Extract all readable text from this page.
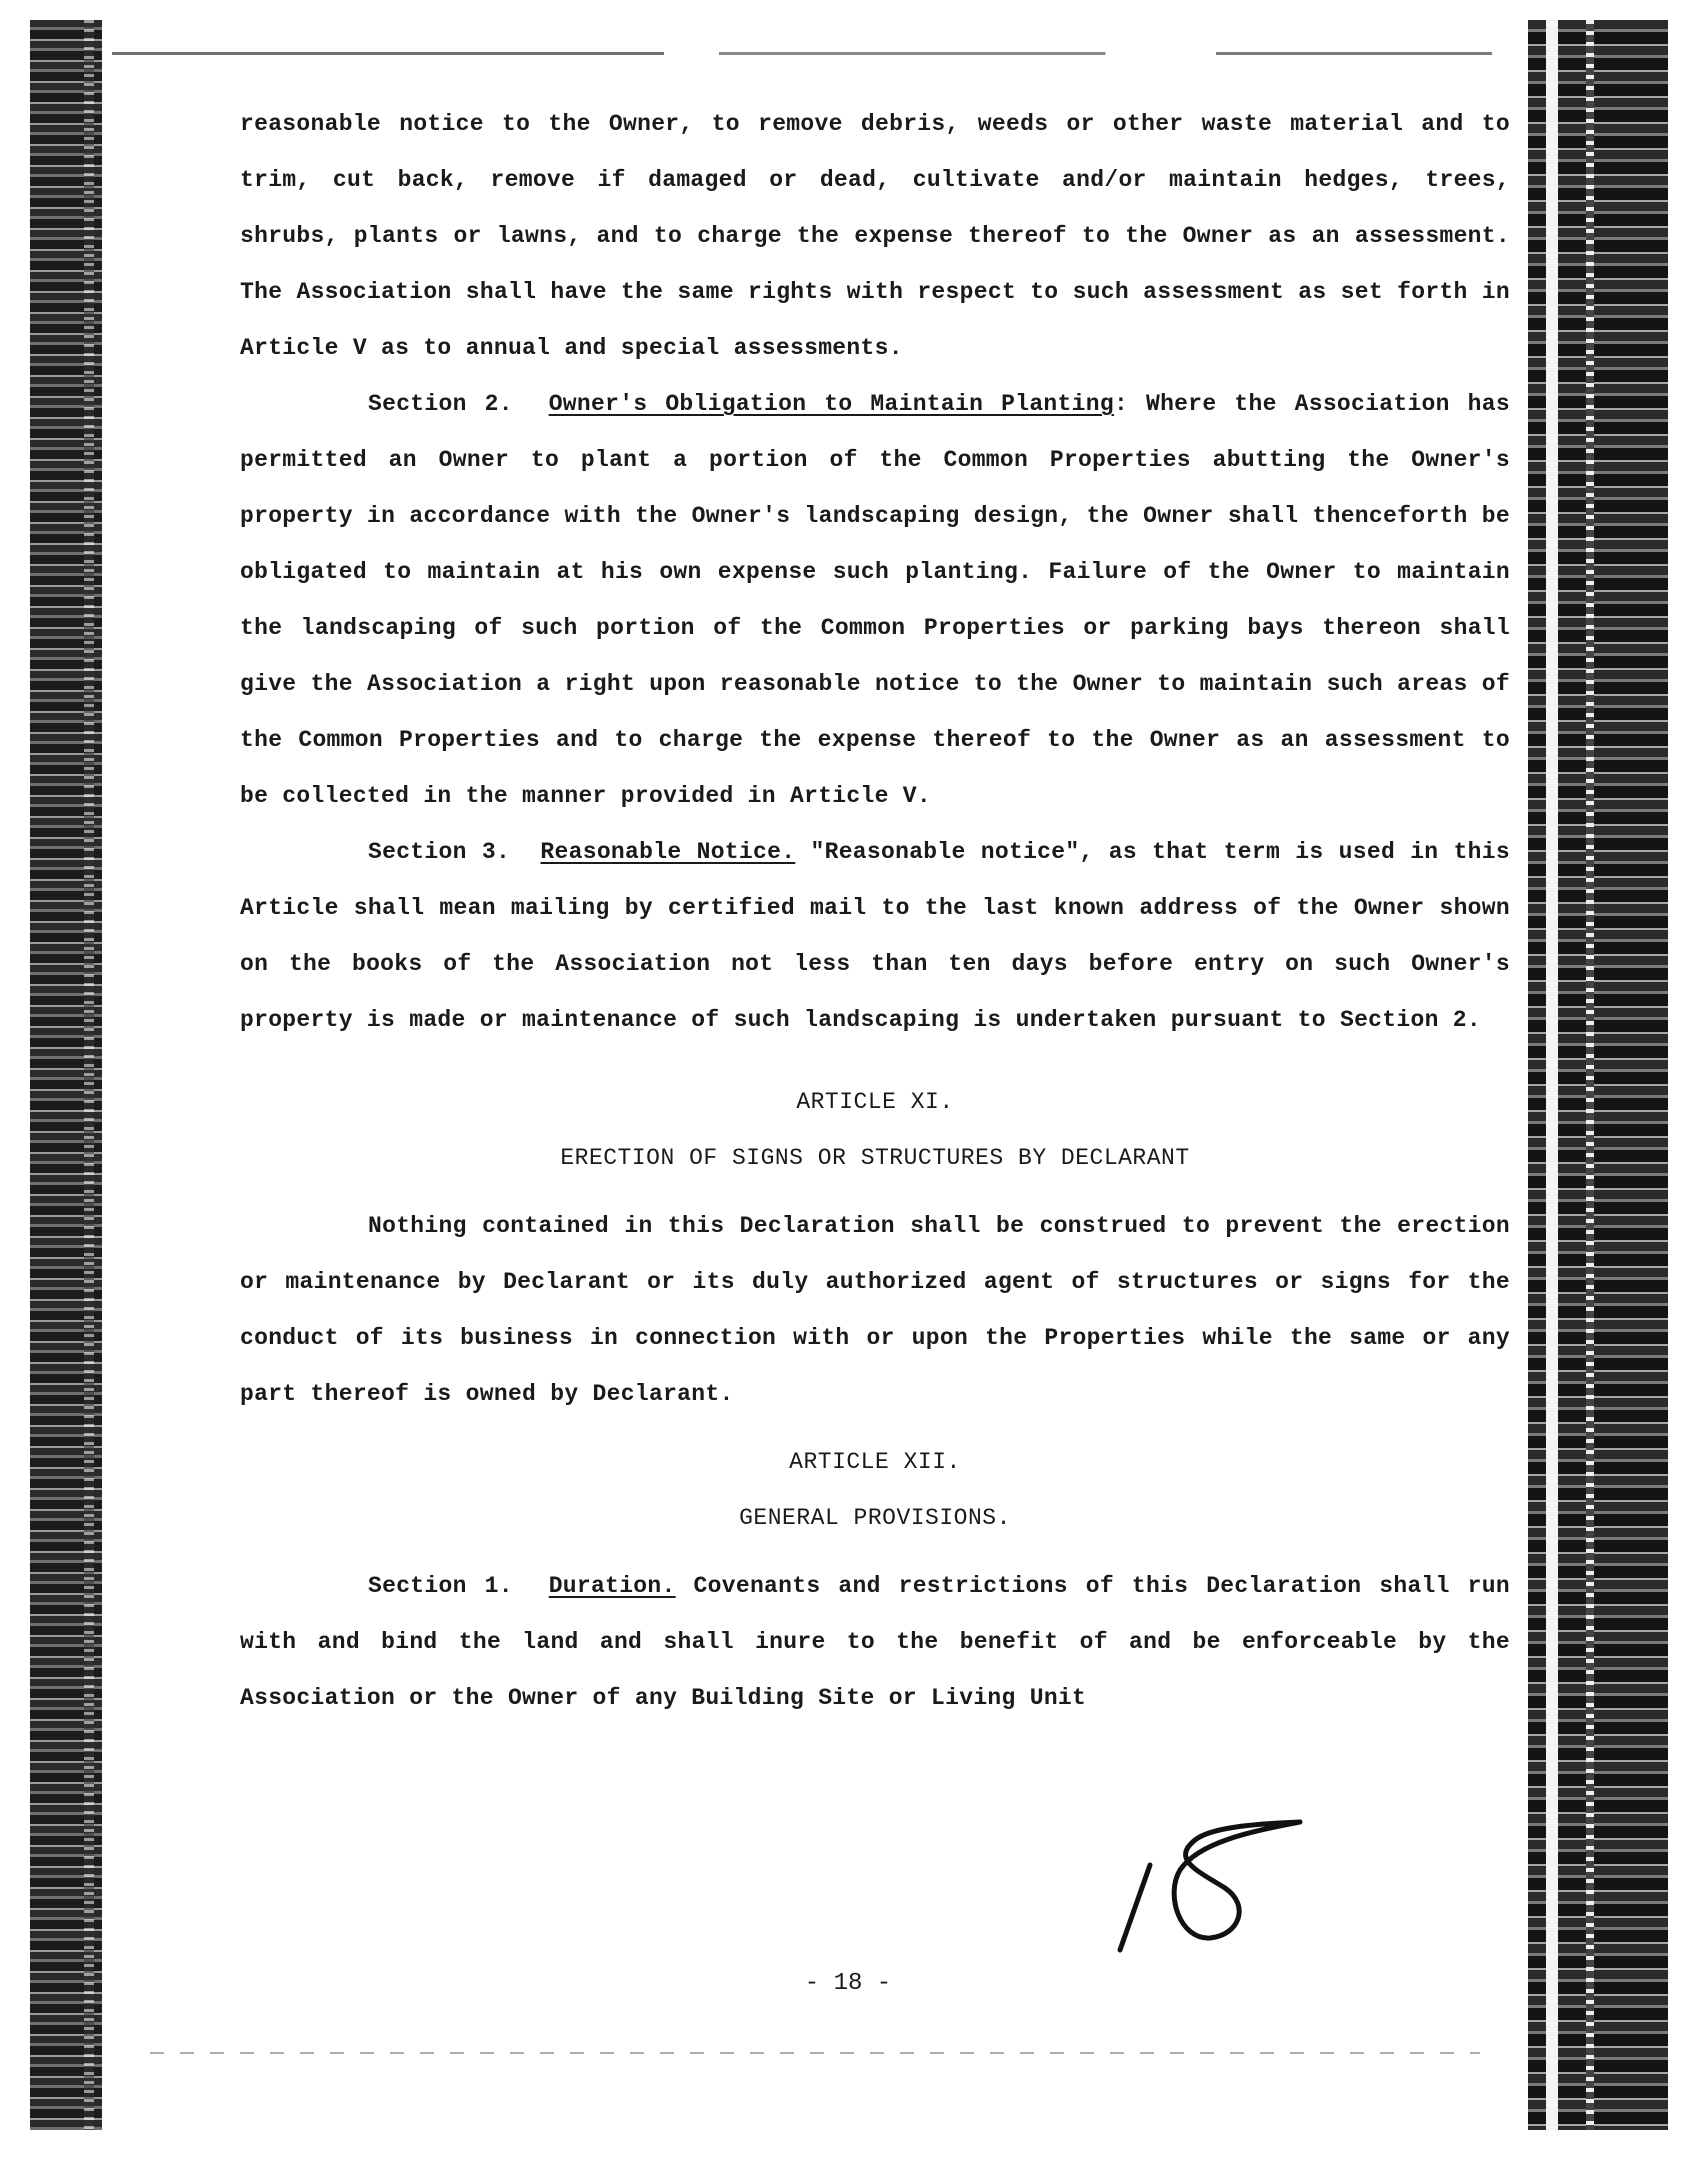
reasonable notice to the Owner, to remove debris, weeds or other waste material and to trim, cut back, remove if damaged or dead, cultivate and/or maintain hedges, trees, shrubs, plants or lawns, and to charge the expense thereof to the Owner as an assessment. The Association shall have the same rights with respect to such assessment as set forth in Article V as to annual and special assessments.

Section 2. Owner's Obligation to Maintain Planting: Where the Association has permitted an Owner to plant a portion of the Common Properties abutting the Owner's property in accordance with the Owner's landscaping design, the Owner shall thenceforth be obligated to maintain at his own expense such planting. Failure of the Owner to maintain the landscaping of such portion of the Common Properties or parking bays thereon shall give the Association a right upon reasonable notice to the Owner to maintain such areas of the Common Properties and to charge the expense thereof to the Owner as an assessment to be collected in the manner provided in Article V.

Section 3. Reasonable Notice. "Reasonable notice", as that term is used in this Article shall mean mailing by certified mail to the last known address of the Owner shown on the books of the Association not less than ten days before entry on such Owner's property is made or maintenance of such landscaping is undertaken pursuant to Section 2.

ARTICLE XI.

ERECTION OF SIGNS OR STRUCTURES BY DECLARANT

Nothing contained in this Declaration shall be construed to prevent the erection or maintenance by Declarant or its duly authorized agent of structures or signs for the conduct of its business in connection with or upon the Properties while the same or any part thereof is owned by Declarant.

ARTICLE XII.

GENERAL PROVISIONS.

Section 1. Duration. Covenants and restrictions of this Declaration shall run with and bind the land and shall inure to the benefit of and be enforceable by the Association or the Owner of any Building Site or Living Unit

- 18 -
